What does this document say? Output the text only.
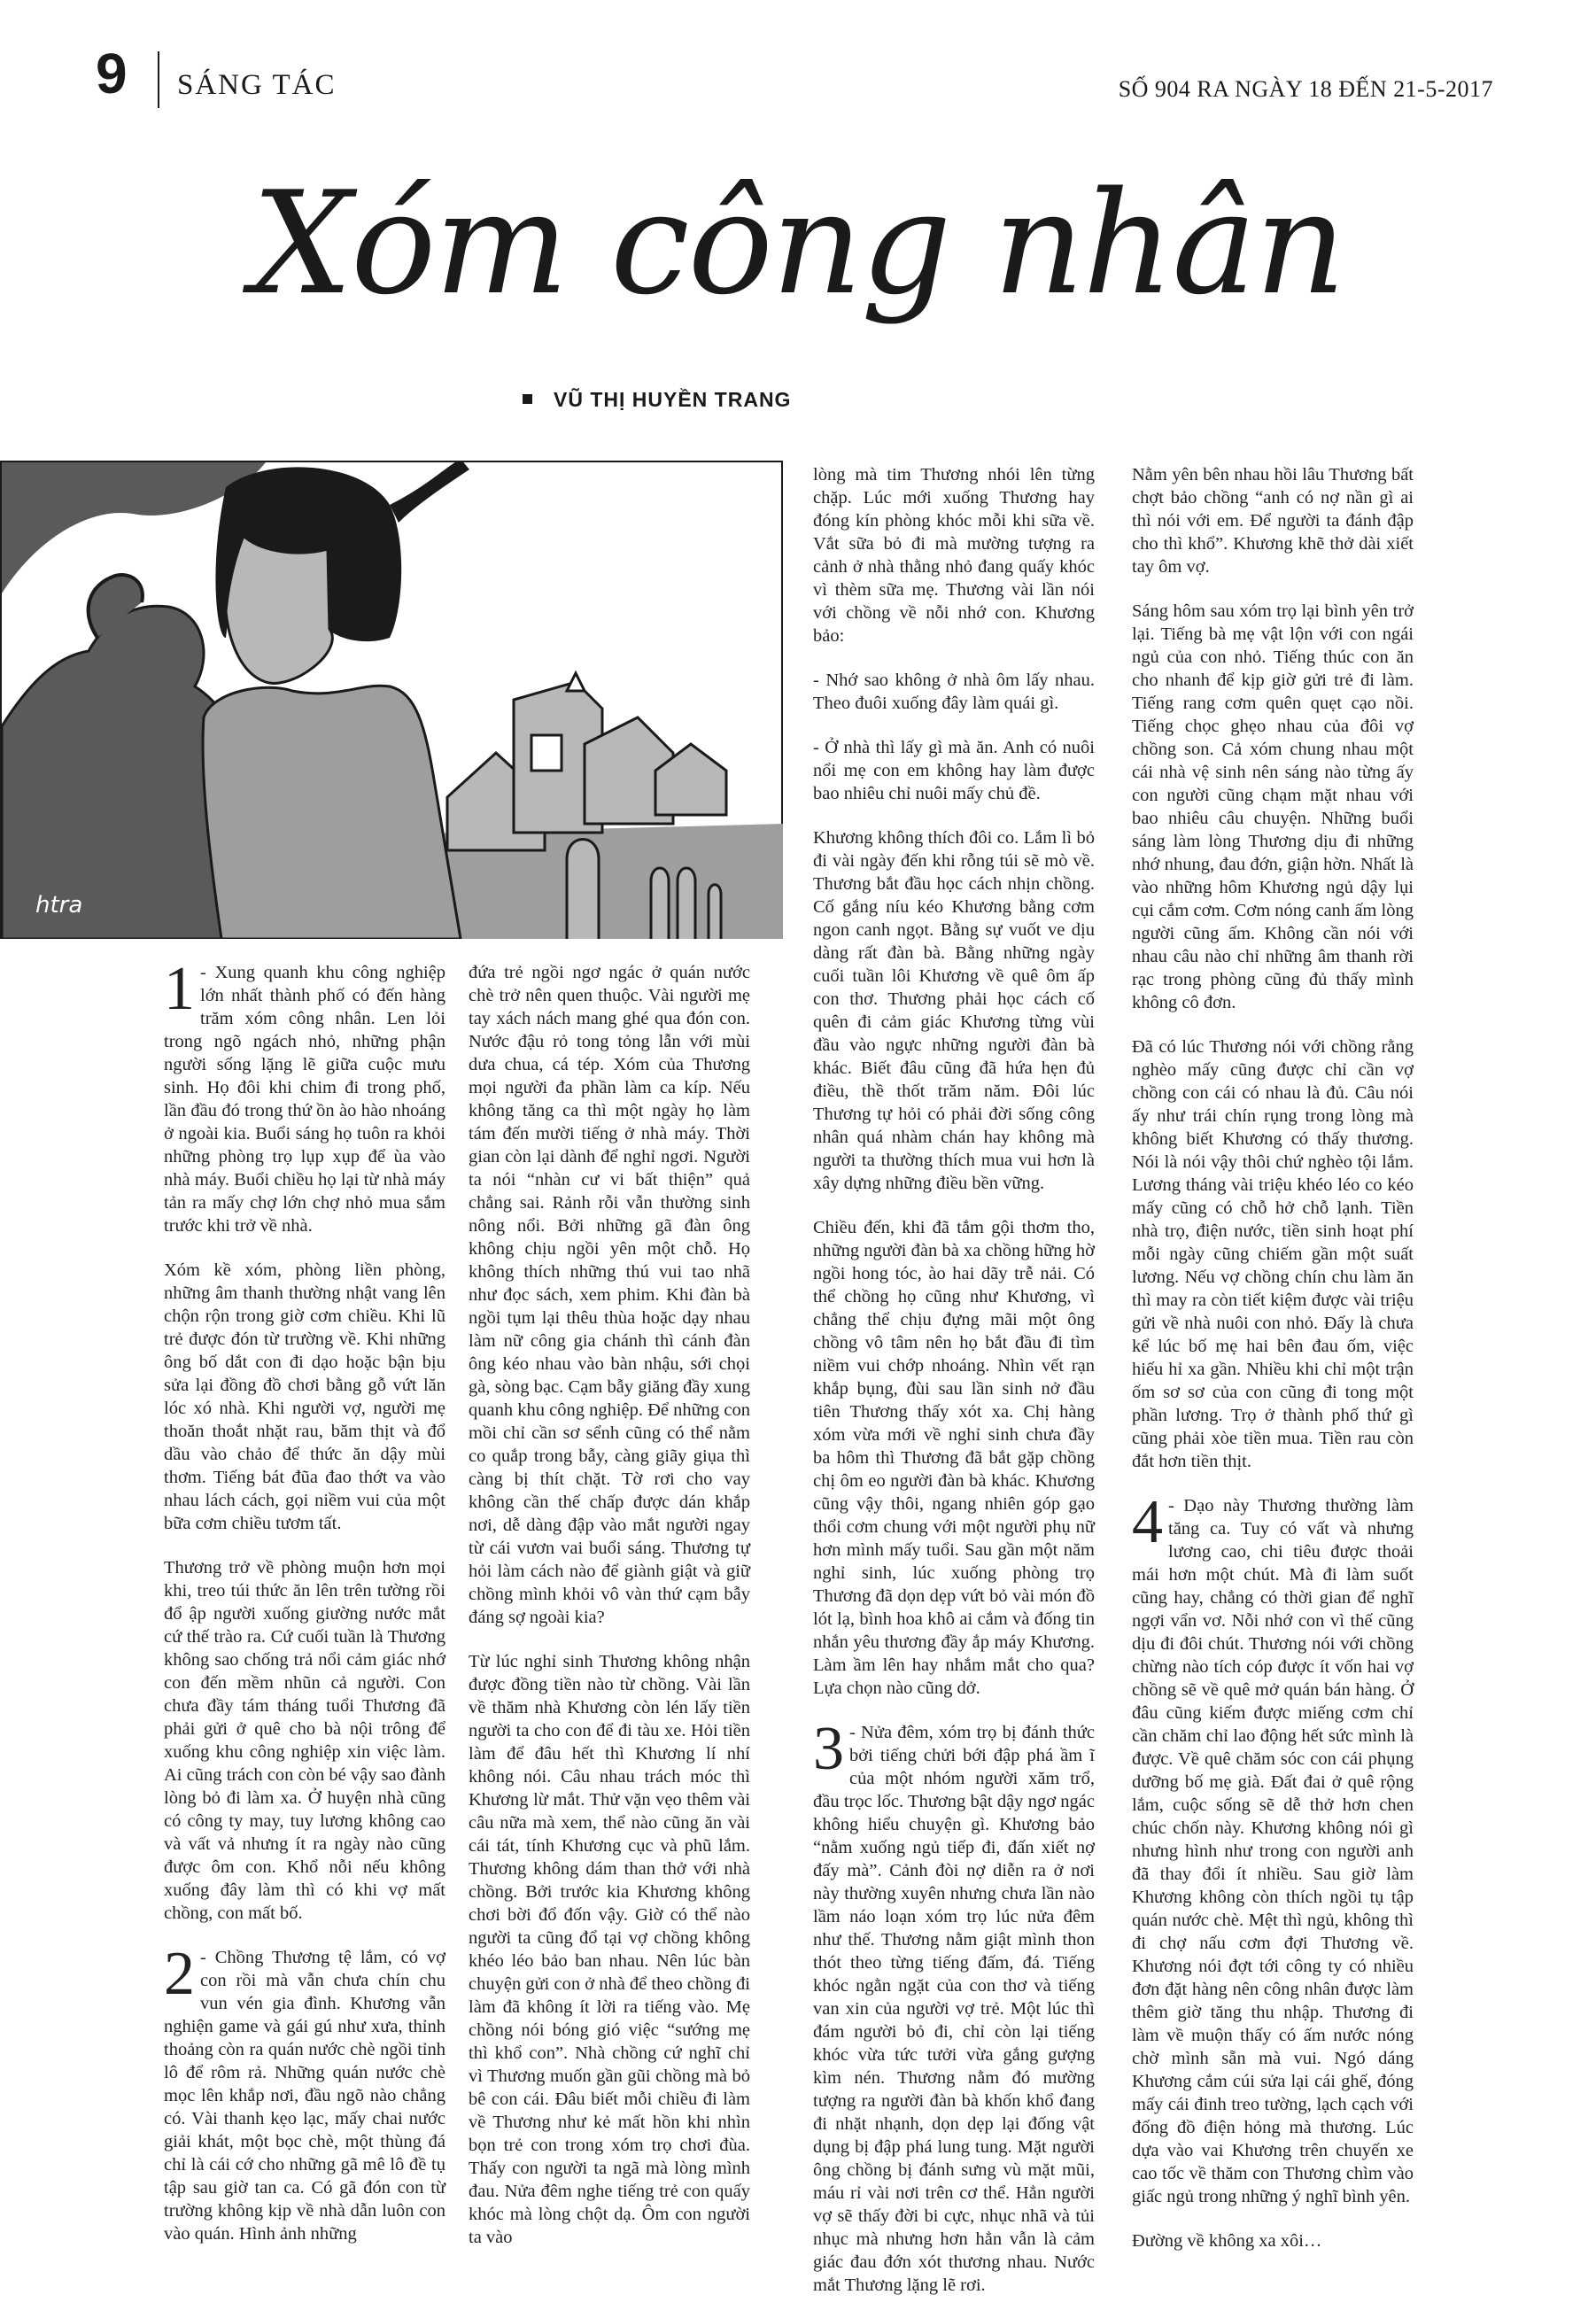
9 SÁNG TÁC	SỐ 904 RA NGÀY 18 ĐẾN 21-5-2017
Xóm công nhân
VŨ THỊ HUYỀN TRANG
htra

1 - Xung quanh khu công nghiệp lớn nhất thành phố có đến hàng trăm xóm công nhân. Len lỏi trong ngõ ngách nhỏ, những phận người sống lặng lẽ giữa cuộc mưu sinh. Họ đôi khi chim đi trong phố, lần đầu đó trong thứ ồn ào hào nhoáng ở ngoài kia. Buổi sáng họ tuôn ra khỏi những phòng trọ lụp xụp để ùa vào nhà máy. Buổi chiều họ lại từ nhà máy tản ra mấy chợ lớn chợ nhỏ mua sắm trước khi trở về nhà.

Xóm kề xóm, phòng liền phòng, những âm thanh thường nhật vang lên chộn rộn trong giờ cơm chiều. Khi lũ trẻ được đón từ trường về. Khi những ông bố dắt con đi dạo hoặc bận bịu sửa lại đồng đồ chơi bằng gỗ vứt lăn lóc xó nhà. Khi người vợ, người mẹ thoăn thoắt nhặt rau, băm thịt và đổ dầu vào chảo để thức ăn dậy mùi thơm. Tiếng bát đũa đao thớt va vào nhau lách cách, gọi niềm vui của một bữa cơm chiều tươm tất.

Thương trở về phòng muộn hơn mọi khi, treo túi thức ăn lên trên tường rồi đổ ập người xuống giường nước mắt cứ thế trào ra. Cứ cuối tuần là Thương không sao chống trả nổi cảm giác nhớ con đến mềm nhũn cả người. Con chưa đầy tám tháng tuổi Thương đã phải gửi ở quê cho bà nội trông để xuống khu công nghiệp xin việc làm. Ai cũng trách con còn bé vậy sao đành lòng bỏ đi làm xa. Ở huyện nhà cũng có công ty may, tuy lương không cao và vất vả nhưng ít ra ngày nào cũng được ôm con. Khổ nỗi nếu không xuống đây làm thì có khi vợ mất chồng, con mất bố.

2 - Chồng Thương tệ lắm, có vợ con rồi mà vẫn chưa chín chu vun vén gia đình. Khương vẫn nghiện game và gái gú như xưa, thỉnh thoảng còn ra quán nước chè ngồi tỉnh lô để rôm rả. Những quán nước chè mọc lên khắp nơi, đầu ngõ nào chẳng có. Vài thanh kẹo lạc, mấy chai nước giải khát, một bọc chè, một thùng đá chỉ là cái cớ cho những gã mê lô đề tụ tập sau giờ tan ca. Có gã đón con từ trường không kịp về nhà dẫn luôn con vào quán. Hình ảnh những

đứa trẻ ngồi ngơ ngác ở quán nước chè trở nên quen thuộc. Vài người mẹ tay xách nách mang ghé qua đón con. Nước đậu rỏ tong tỏng lẫn với mùi dưa chua, cá tép. Xóm của Thương mọi người đa phần làm ca kíp. Nếu không tăng ca thì một ngày họ làm tám đến mười tiếng ở nhà máy. Thời gian còn lại dành để nghỉ ngơi. Người ta nói “nhàn cư vi bất thiện” quả chẳng sai. Rảnh rỗi vẫn thường sinh nông nổi. Bởi những gã đàn ông không chịu ngồi yên một chỗ. Họ không thích những thú vui tao nhã như đọc sách, xem phim. Khi đàn bà ngồi tụm lại thêu thùa hoặc dạy nhau làm nữ công gia chánh thì cánh đàn ông kéo nhau vào bàn nhậu, sới chọi gà, sòng bạc. Cạm bẫy giăng đầy xung quanh khu công nghiệp. Để những con mồi chỉ cần sơ sểnh cũng có thể nằm co quắp trong bẫy, càng giãy giụa thì càng bị thít chặt. Tờ rơi cho vay không cần thế chấp được dán khắp nơi, dễ dàng đập vào mắt người ngay từ cái vươn vai buổi sáng. Thương tự hỏi làm cách nào để giành giật và giữ chồng mình khỏi vô vàn thứ cạm bẫy đáng sợ ngoài kia?

Từ lúc nghỉ sinh Thương không nhận được đồng tiền nào từ chồng. Vài lần về thăm nhà Khương còn lén lấy tiền người ta cho con để đi tàu xe. Hỏi tiền làm để đâu hết thì Khương lí nhí không nói. Câu nhau trách móc thì Khương lừ mắt. Thử vặn vẹo thêm vài câu nữa mà xem, thể nào cũng ăn vài cái tát, tính Khương cục và phũ lắm. Thương không dám than thở với nhà chồng. Bởi trước kia Khương không chơi bời đổ đốn vậy. Giờ có thể nào người ta cũng đổ tại vợ chồng không khéo léo bảo ban nhau. Nên lúc bàn chuyện gửi con ở nhà để theo chồng đi làm đã không ít lời ra tiếng vào. Mẹ chồng nói bóng gió việc “sướng mẹ thì khổ con”. Nhà chồng cứ nghĩ chỉ vì Thương muốn gần gũi chồng mà bỏ bê con cái. Đâu biết mỗi chiều đi làm về Thương như kẻ mất hồn khi nhìn bọn trẻ con trong xóm trọ chơi đùa. Thấy con người ta ngã mà lòng mình đau. Nửa đêm nghe tiếng trẻ con quấy khóc mà lòng chột dạ. Ôm con người ta vào

lòng mà tim Thương nhói lên từng chặp. Lúc mới xuống Thương hay đóng kín phòng khóc mỗi khi sữa về. Vắt sữa bỏ đi mà mường tượng ra cảnh ở nhà thằng nhỏ đang quấy khóc vì thèm sữa mẹ. Thương vài lần nói với chồng về nỗi nhớ con. Khương bảo:

- Nhớ sao không ở nhà ôm lấy nhau. Theo đuôi xuống đây làm quái gì.

- Ở nhà thì lấy gì mà ăn. Anh có nuôi nổi mẹ con em không hay làm được bao nhiêu chỉ nuôi mấy chủ đề.

Khương không thích đôi co. Lắm lì bỏ đi vài ngày đến khi rỗng túi sẽ mò về. Thương bắt đầu học cách nhịn chồng. Cố gắng níu kéo Khương bằng cơm ngon canh ngọt. Bằng sự vuốt ve dịu dàng rất đàn bà. Bằng những ngày cuối tuần lôi Khương về quê ôm ấp con thơ. Thương phải học cách cố quên đi cảm giác Khương từng vùi đầu vào ngực những người đàn bà khác. Biết đâu cũng đã hứa hẹn đủ điều, thề thốt trăm năm. Đôi lúc Thương tự hỏi có phải đời sống công nhân quá nhàm chán hay không mà người ta thường thích mua vui hơn là xây dựng những điều bền vững.

Chiều đến, khi đã tắm gội thơm tho, những người đàn bà xa chồng hững hờ ngồi hong tóc, ào hai dãy trễ nải. Có thể chồng họ cũng như Khương, vì chẳng thể chịu đựng mãi một ông chồng vô tâm nên họ bắt đầu đi tìm niềm vui chớp nhoáng. Nhìn vết rạn khắp bụng, đùi sau lần sinh nở đầu tiên Thương thấy xót xa. Chị hàng xóm vừa mới về nghỉ sinh chưa đầy ba hôm thì Thương đã bắt gặp chồng chị ôm eo người đàn bà khác. Khương cũng vậy thôi, ngang nhiên góp gạo thổi cơm chung với một người phụ nữ hơn mình mấy tuổi. Sau gần một năm nghỉ sinh, lúc xuống phòng trọ Thương đã dọn dẹp vứt bỏ vài món đồ lót lạ, bình hoa khô ai cắm và đống tin nhắn yêu thương đầy ắp máy Khương. Làm ầm lên hay nhắm mắt cho qua? Lựa chọn nào cũng dở.

3 - Nửa đêm, xóm trọ bị đánh thức bởi tiếng chửi bới đập phá ầm ĩ của một nhóm người xăm trổ, đầu trọc lốc. Thương bật dậy ngơ ngác không hiểu chuyện gì. Khương bảo “nằm xuống ngủ tiếp đi, đấn xiết nợ đấy mà”. Cảnh đòi nợ diễn ra ở nơi này thường xuyên nhưng chưa lần nào lầm náo loạn xóm trọ lúc nửa đêm như thế. Thương nằm giật mình thon thót theo từng tiếng đấm, đá. Tiếng khóc ngằn ngặt của con thơ và tiếng van xin của người vợ trẻ. Một lúc thì đám người bỏ đi, chỉ còn lại tiếng khóc vừa tức tưởi vừa gắng gượng kìm nén. Thương nằm đó mường tượng ra người đàn bà khốn khổ đang đi nhặt nhạnh, dọn dẹp lại đống vật dụng bị đập phá lung tung. Mặt người ông chồng bị đánh sưng vù mặt mũi, máu rỉ vài nơi trên cơ thể. Hẳn người vợ sẽ thấy đời bi cực, nhục nhã và tủi nhục mà nhưng hơn hẳn vẫn là cảm giác đau đớn xót thương nhau. Nước mắt Thương lặng lẽ rơi.

Nằm yên bên nhau hồi lâu Thương bất chợt bảo chồng “anh có nợ nần gì ai thì nói với em. Để người ta đánh đập cho thì khổ”. Khương khẽ thở dài xiết tay ôm vợ.

Sáng hôm sau xóm trọ lại bình yên trở lại. Tiếng bà mẹ vật lộn với con ngái ngủ của con nhỏ. Tiếng thúc con ăn cho nhanh để kịp giờ gửi trẻ đi làm. Tiếng rang cơm quên quẹt cạo nồi. Tiếng chọc ghẹo nhau của đôi vợ chồng son. Cả xóm chung nhau một cái nhà vệ sinh nên sáng nào từng ấy con người cũng chạm mặt nhau với bao nhiêu câu chuyện. Những buổi sáng làm lòng Thương dịu đi những nhớ nhung, đau đớn, giận hờn. Nhất là vào những hôm Khương ngủ dậy lụi cụi cắm cơm. Cơm nóng canh ấm lòng người cũng ấm. Không cần nói với nhau câu nào chỉ những âm thanh rời rạc trong phòng cũng đủ thấy mình không cô đơn.

Đã có lúc Thương nói với chồng rằng nghèo mấy cũng được chỉ cần vợ chồng con cái có nhau là đủ. Câu nói ấy như trái chín rụng trong lòng mà không biết Khương có thấy thương. Nói là nói vậy thôi chứ nghèo tội lắm. Lương tháng vài triệu khéo léo co kéo mấy cũng có chỗ hở chỗ lạnh. Tiền nhà trọ, điện nước, tiền sinh hoạt phí mỗi ngày cũng chiếm gần một suất lương. Nếu vợ chồng chín chu làm ăn thì may ra còn tiết kiệm được vài triệu gửi về nhà nuôi con nhỏ. Đấy là chưa kể lúc bố mẹ hai bên đau ốm, việc hiếu hỉ xa gần. Nhiều khi chỉ một trận ốm sơ sơ của con cũng đi tong một phần lương. Trọ ở thành phố thứ gì cũng phải xòe tiền mua. Tiền rau còn đắt hơn tiền thịt.

4 - Dạo này Thương thường làm tăng ca. Tuy có vất và nhưng lương cao, chi tiêu được thoải mái hơn một chút. Mà đi làm suốt cũng hay, chẳng có thời gian để nghĩ ngợi vẩn vơ. Nỗi nhớ con vì thế cũng dịu đi đôi chút. Thương nói với chồng chừng nào tích cóp được ít vốn hai vợ chồng sẽ về quê mở quán bán hàng. Ở đâu cũng kiếm được miếng cơm chỉ cần chăm chỉ lao động hết sức mình là được. Về quê chăm sóc con cái phụng dưỡng bố mẹ già. Đất đai ở quê rộng lắm, cuộc sống sẽ dễ thở hơn chen chúc chốn này. Khương không nói gì nhưng hình như trong con người anh đã thay đổi ít nhiều. Sau giờ làm Khương không còn thích ngồi tụ tập quán nước chè. Mệt thì ngủ, không thì đi chợ nấu cơm đợi Thương về. Khương nói đợt tới công ty có nhiều đơn đặt hàng nên công nhân được làm thêm giờ tăng thu nhập. Thương đi làm về muộn thấy có ấm nước nóng chờ mình sẵn mà vui. Ngó dáng Khương cắm cúi sửa lại cái ghế, đóng mấy cái đinh treo tường, lạch cạch với đống đồ điện hỏng mà thương. Lúc dựa vào vai Khương trên chuyến xe cao tốc về thăm con Thương chìm vào giấc ngủ trong những ý nghĩ bình yên.

Đường về không xa xôi…
